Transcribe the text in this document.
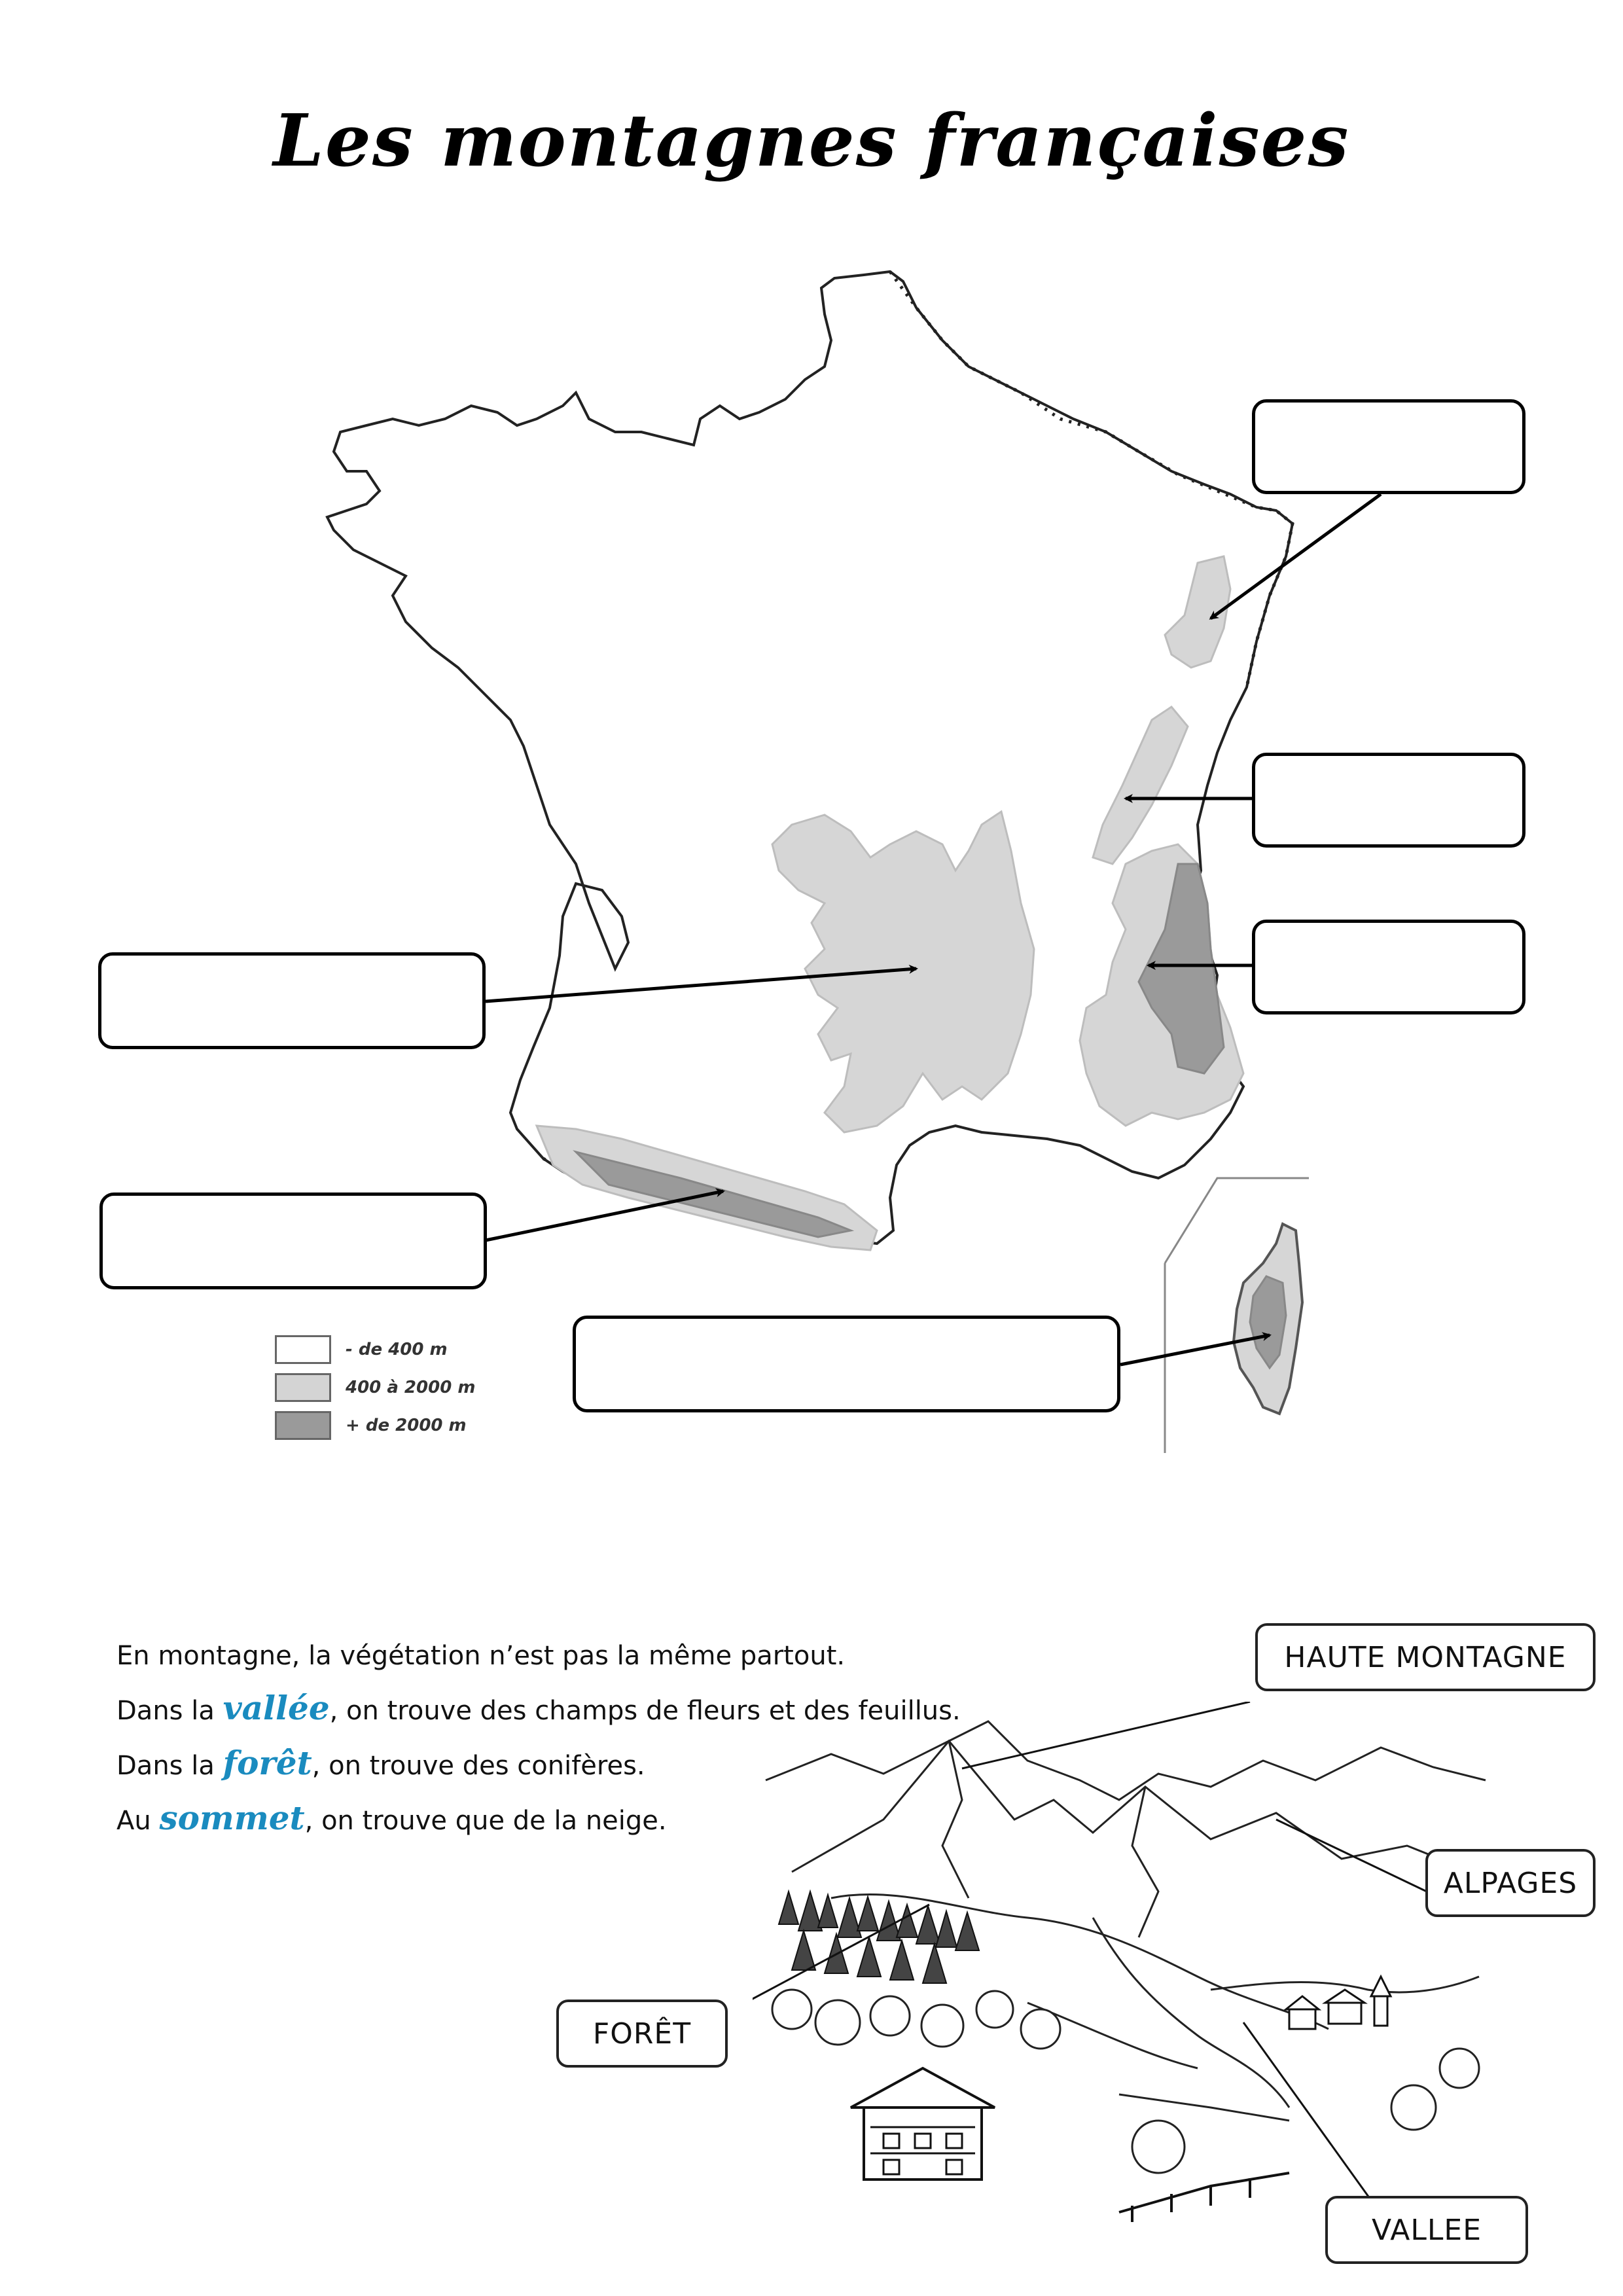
Les montagnes françaises
- de 400 m
400 à 2000 m
+ de 2000 m
En montagne, la végétation n’est pas la même partout.
Dans la vallée, on trouve des champs de fleurs et des feuillus.
Dans la forêt, on trouve des conifères.
Au sommet, on trouve que de la neige.
HAUTE MONTAGNE
ALPAGES
FORÊT
VALLEE
